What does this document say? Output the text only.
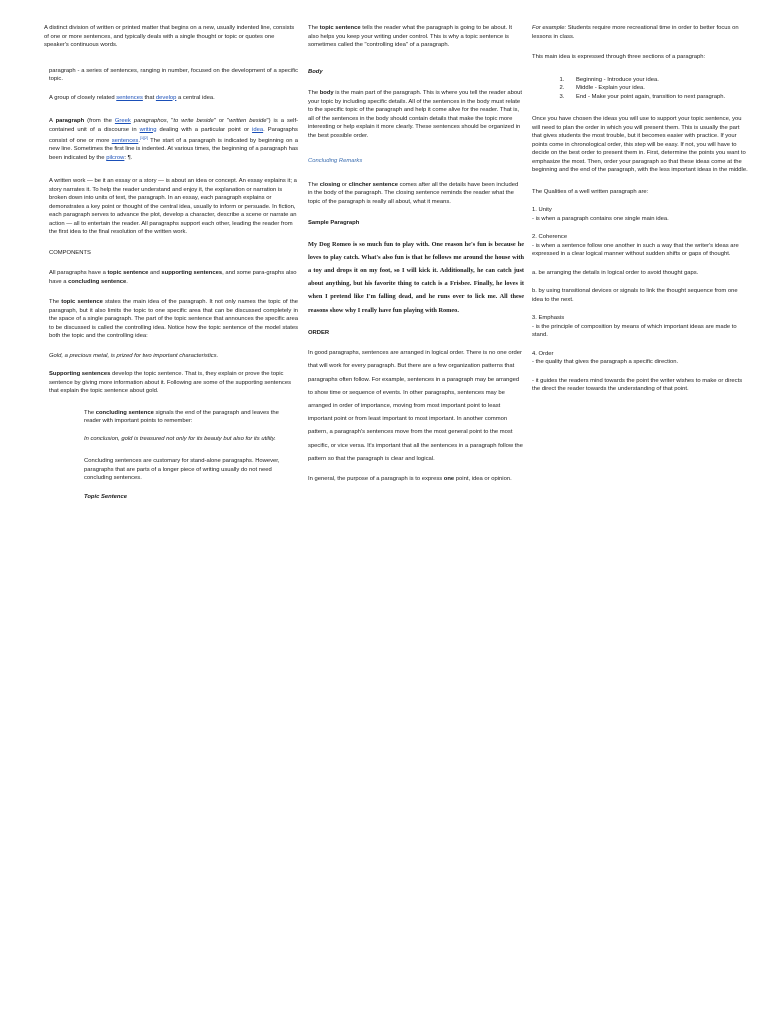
A distinct division of written or printed matter that begins on a new, usually indented line, consists of one or more sentences, and typically deals with a single thought or topic or quotes one speaker's continuous words.

paragraph - a series of sentences, ranging in number, focused on the development of a specific topic.

A group of closely related sentences that develop a central idea.

A paragraph (from the Greek paragraphos, "to write beside" or "written beside") is a self-contained unit of a discourse in writing dealing with a particular point or idea. Paragraphs consist of one or more sentences.[1][2] The start of a paragraph is indicated by beginning on a new line. Sometimes the first line is indented. At various times, the beginning of a paragraph has been indicated by the pilcrow: ¶.

A written work — be it an essay or a story — is about an idea or concept. An essay explains it; a story narrates it. To help the reader understand and enjoy it, the explanation or narration is broken down into units of text, the paragraph. In an essay, each paragraph explains or demonstrates a key point or thought of the central idea, usually to inform or persuade. In fiction, each paragraph serves to advance the plot, develop a character, describe a scene or narrate an action — all to entertain the reader. All paragraphs support each other, leading the reader from the first idea to the final resolution of the written work.

COMPONENTS

All paragraphs have a topic sentence and supporting sentences, and some para-graphs also have a concluding sentence.

The topic sentence states the main idea of the paragraph. It not only names the topic of the paragraph, but it also limits the topic to one specific area that can be discussed completely in the space of a single paragraph. The part of the topic sentence that announces the specific area to be discussed is called the controlling idea. Notice how the topic sentence of the model states both the topic and the controlling idea:

Gold, a precious metal, is prized for two important characteristics.

Supporting sentences develop the topic sentence. That is, they explain or prove the topic sentence by giving more information about it. Following are some of the supporting sentences that explain the topic sentence about gold.

The concluding sentence signals the end of the paragraph and leaves the reader with important points to remember:

In conclusion, gold is treasured not only for its beauty but also for its utility.

Concluding sentences are customary for stand-alone paragraphs. However, paragraphs that are parts of a longer piece of writing usually do not need concluding sentences.

Topic Sentence

The topic sentence tells the reader what the paragraph is going to be about. It also helps you keep your writing under control. This is why a topic sentence is sometimes called the "controlling idea" of a paragraph.

Body

The body is the main part of the paragraph. This is where you tell the reader about your topic by including specific details. All of the sentences in the body must relate to the specific topic of the paragraph and help it come alive for the reader. That is, all of the sentences in the body should contain details that make the topic more interesting or help explain it more clearly. These sentences should be organized in the best possible order.

Concluding Remarks

The closing or clincher sentence comes after all the details have been included in the body of the paragraph. The closing sentence reminds the reader what the topic of the paragraph is really all about, what it means.

Sample Paragraph

My Dog Romeo is so much fun to play with. One reason he's fun is because he loves to play catch. What's also fun is that he follows me around the house with a toy and drops it on my foot, so I will kick it. Additionally, he can catch just about anything, but his favorite thing to catch is a Frisbee. Finally, he loves it when I pretend like I'm falling dead, and he runs over to lick me. All these reasons show why I really have fun playing with Romeo.

ORDER

In good paragraphs, sentences are arranged in logical order. There is no one order that will work for every paragraph. But there are a few organization patterns that paragraphs often follow. For example, sentences in a paragraph may be arranged to show time or sequence of events. In other paragraphs, sentences may be arranged in order of importance, moving from most important point to least important point or from least important to most important. In another common pattern, a paragraph's sentences move from the most general point to the most specific, or vice versa. It's important that all the sentences in a paragraph follow the pattern so that the paragraph is clear and logical.

In general, the purpose of a paragraph is to express one point, idea or opinion.

For example: Students require more recreational time in order to better focus on lessons in class.

This main idea is expressed through three sections of a paragraph:

1. Beginning - Introduce your idea.
2. Middle - Explain your idea.
3. End - Make your point again, transition to next paragraph.

Once you have chosen the ideas you will use to support your topic sentence, you will need to plan the order in which you will present them. This is usually the part that gives students the most trouble, but it becomes easier with practice. If your points come in chronological order, this step will be easy. If not, you will have to decide on the best order to present them in. First, determine the points you want to emphasize the most. Then, order your paragraph so that these ideas come at the beginning and the end of the paragraph, with the less important ideas in the middle.

The Qualities of a well written paragraph are:

1. Unity

- is when a paragraph contains one single main idea.

2. Coherence

- is when a sentence follow one another in such a way that the writer's ideas are expressed in a clear logical manner without sudden shifts or gaps of thought.

a. be arranging the details in logical order to avoid thought gaps.

b. by using transitional devices or signals to link the thought sequence from one idea to the next.

3. Emphasis

- is the principle of composition by means of which important ideas are made to stand.

4. Order

- the quality that gives the paragraph a specific direction.

- it guides the readers mind towards the point the writer wishes to make or directs the direct the reader towards the understanding of that point.
